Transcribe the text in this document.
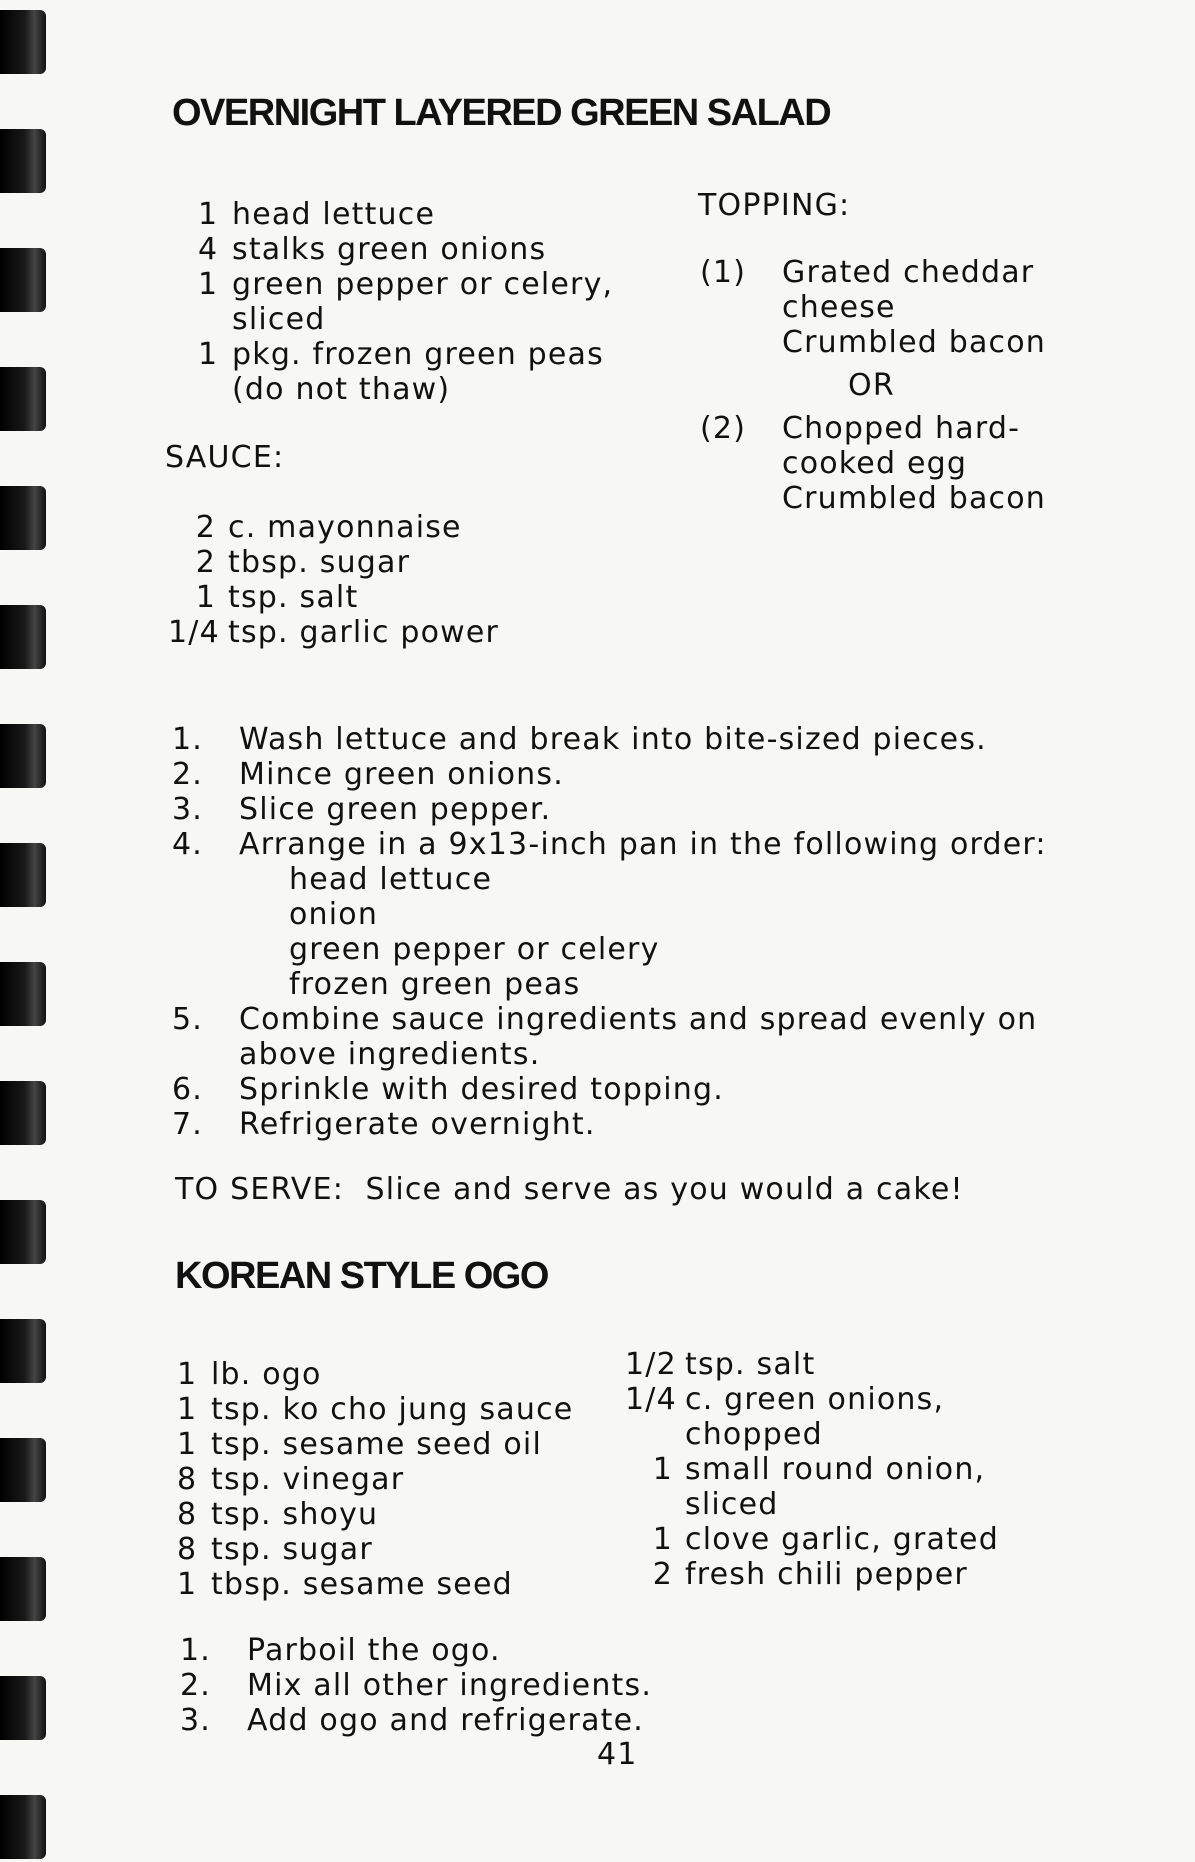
OVERNIGHT LAYERED GREEN SALAD
1 head lettuce
4 stalks green onions
1 green pepper or celery,
sliced
1 pkg. frozen green peas
(do not thaw)

SAUCE:

2 c. mayonnaise
2 tbsp. sugar
1 tsp. salt
1/4 tsp. garlic power

TOPPING:

(1)	Grated cheddar
cheese
Crumbled bacon
OR
(2)	Chopped hard-
cooked egg
Crumbled bacon
1. Wash lettuce and break into bite-sized pieces.
2. Mince green onions.
3. Slice green pepper.
4. Arrange in a 9x13-inch pan in the following order:
head lettuce
onion
green pepper or celery
frozen green peas
5. Combine sauce ingredients and spread evenly on
above ingredients.
6. Sprinkle with desired topping.
7. Refrigerate overnight.

TO SERVE: Slice and serve as you would a cake!

KOREAN STYLE OGO
1 lb. ogo
1 tsp. ko cho jung sauce
1 tsp. sesame seed oil
8 tsp. vinegar
8 tsp. shoyu
8 tsp. sugar
1 tbsp. sesame seed
1/2 tsp. salt
1/4 c. green onions,
chopped
1 small round onion,
sliced
1 clove garlic, grated
2 fresh chili pepper
1. Parboil the ogo.
2. Mix all other ingredients.
3. Add ogo and refrigerate.

41
